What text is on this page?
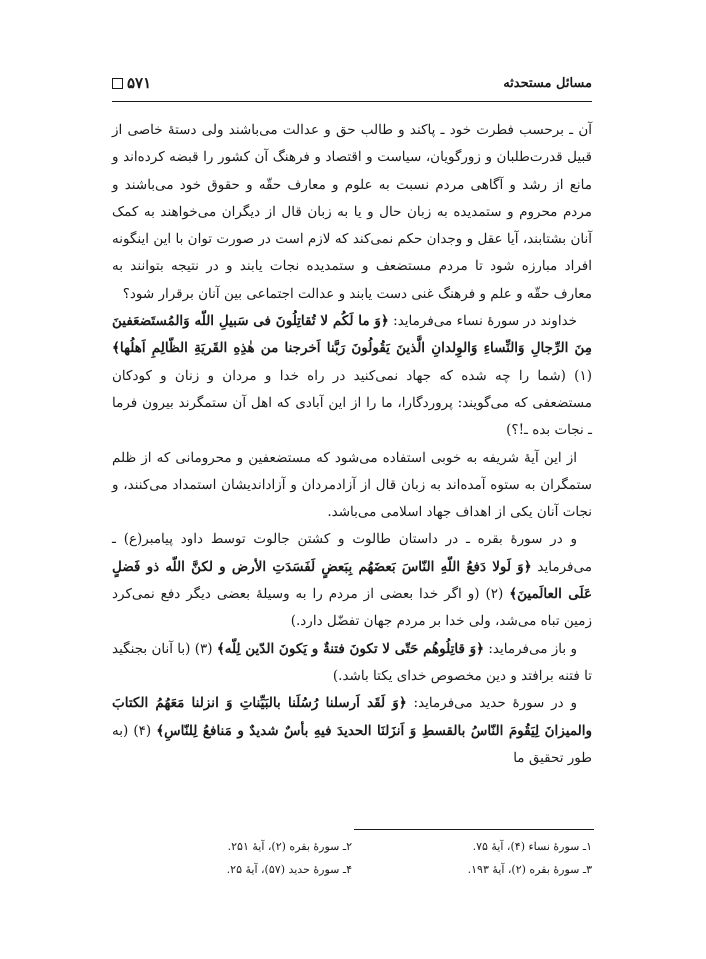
مسائل مستحدثه
۵۷۱

آن ـ برحسب فطرت خود ـ پاکند و طالب حق و عدالت می‌باشند ولی دستهٔ خاصی از قبیل قدرت‌طلبان و زورگویان، سیاست و اقتصاد و فرهنگ آن کشور را قبضه کرده‌اند و مانع از رشد و آگاهی مردم نسبت به علوم و معارف حقّه و حقوق خود می‌باشند و مردم محروم و ستمدیده به زبان حال و یا به زبان قال از دیگران می‌خواهند به کمک آنان بشتابند، آیا عقل و وجدان حکم نمی‌کند که لازم است در صورت توان با این اینگونه افراد مبارزه شود تا مردم مستضعف و ستمدیده نجات یابند و در نتیجه بتوانند به معارف حقّه و علم و فرهنگ غنی دست یابند و عدالت اجتماعی بین آنان برقرار شود؟

خداوند در سورهٔ نساء می‌فرماید: ﴿وَ ما لَکُم لا تُقاتِلُونَ فی سَبیلِ اللّه وَالمُستَضعَفینَ مِنَ الرِّجالِ وَالنِّساءِ وَالوِلدانِ الَّذینَ یَقُولُونَ رَبَّنا اَخرجنا من هٰذِهِ القَریَةِ الظّالِمِ اَهلُها﴾ (۱) (شما را چه شده که جهاد نمی‌کنید در راه خدا و مردان و زنان و کودکان مستضعفی که می‌گویند: پروردگارا، ما را از این آبادی که اهل آن ستمگرند بیرون فرما ـ نجات بده ـ!؟)

از این آیهٔ شریفه به خوبی استفاده می‌شود که مستضعفین و محرومانی که از ظلم ستمگران به ستوه آمده‌اند به زبان قال از آزادمردان و آزاداندیشان استمداد می‌کنند، و نجات آنان یکی از اهداف جهاد اسلامی می‌باشد.

و در سورهٔ بقره ـ در داستان طالوت و کشتن جالوت توسط داود پیامبر(ع) ـ می‌فرماید ﴿وَ لَولا دَفعُ اللّهِ النّاسَ بَعضَهُم بِبَعضٍ لَفَسَدَتِ الأرض و لکنَّ اللّه ذو فَضلٍ عَلَی العالَمینَ﴾ (۲) (و اگر خدا بعضی از مردم را به وسیلهٔ بعضی دیگر دفع نمی‌کرد زمین تباه می‌شد، ولی خدا بر مردم جهان تفضّل دارد.)

و باز می‌فرماید: ﴿وَ قاتِلُوهُم حَتّی لا تکونَ فتنةٌ و یَکونَ الدّین لِلّه﴾ (۳) (با آنان بجنگید تا فتنه برافتد و دین مخصوص خدای یکتا باشد.)

و در سورهٔ حدید می‌فرماید: ﴿وَ لَقَد اَرسلنا رُسُلَنا بالبَیِّناتِ وَ انزلنا مَعَهُمُ الکتابَ والمیزانَ لِیَقُومَ النّاسُ بالقسطِ وَ اَنزَلنَا الحدیدَ فیهِ بأسٌ شدیدٌ و مَنافعُ لِلنّاسِ﴾ (۴) (به طور تحقیق ما

۱ـ سورهٔ نساء (۴)، آیهٔ ۷۵.
۲ـ سورهٔ بقره (۲)، آیهٔ ۲۵۱.
۳ـ سورهٔ بقره (۲)، آیهٔ ۱۹۳.
۴ـ سورهٔ حدید (۵۷)، آیهٔ ۲۵.
